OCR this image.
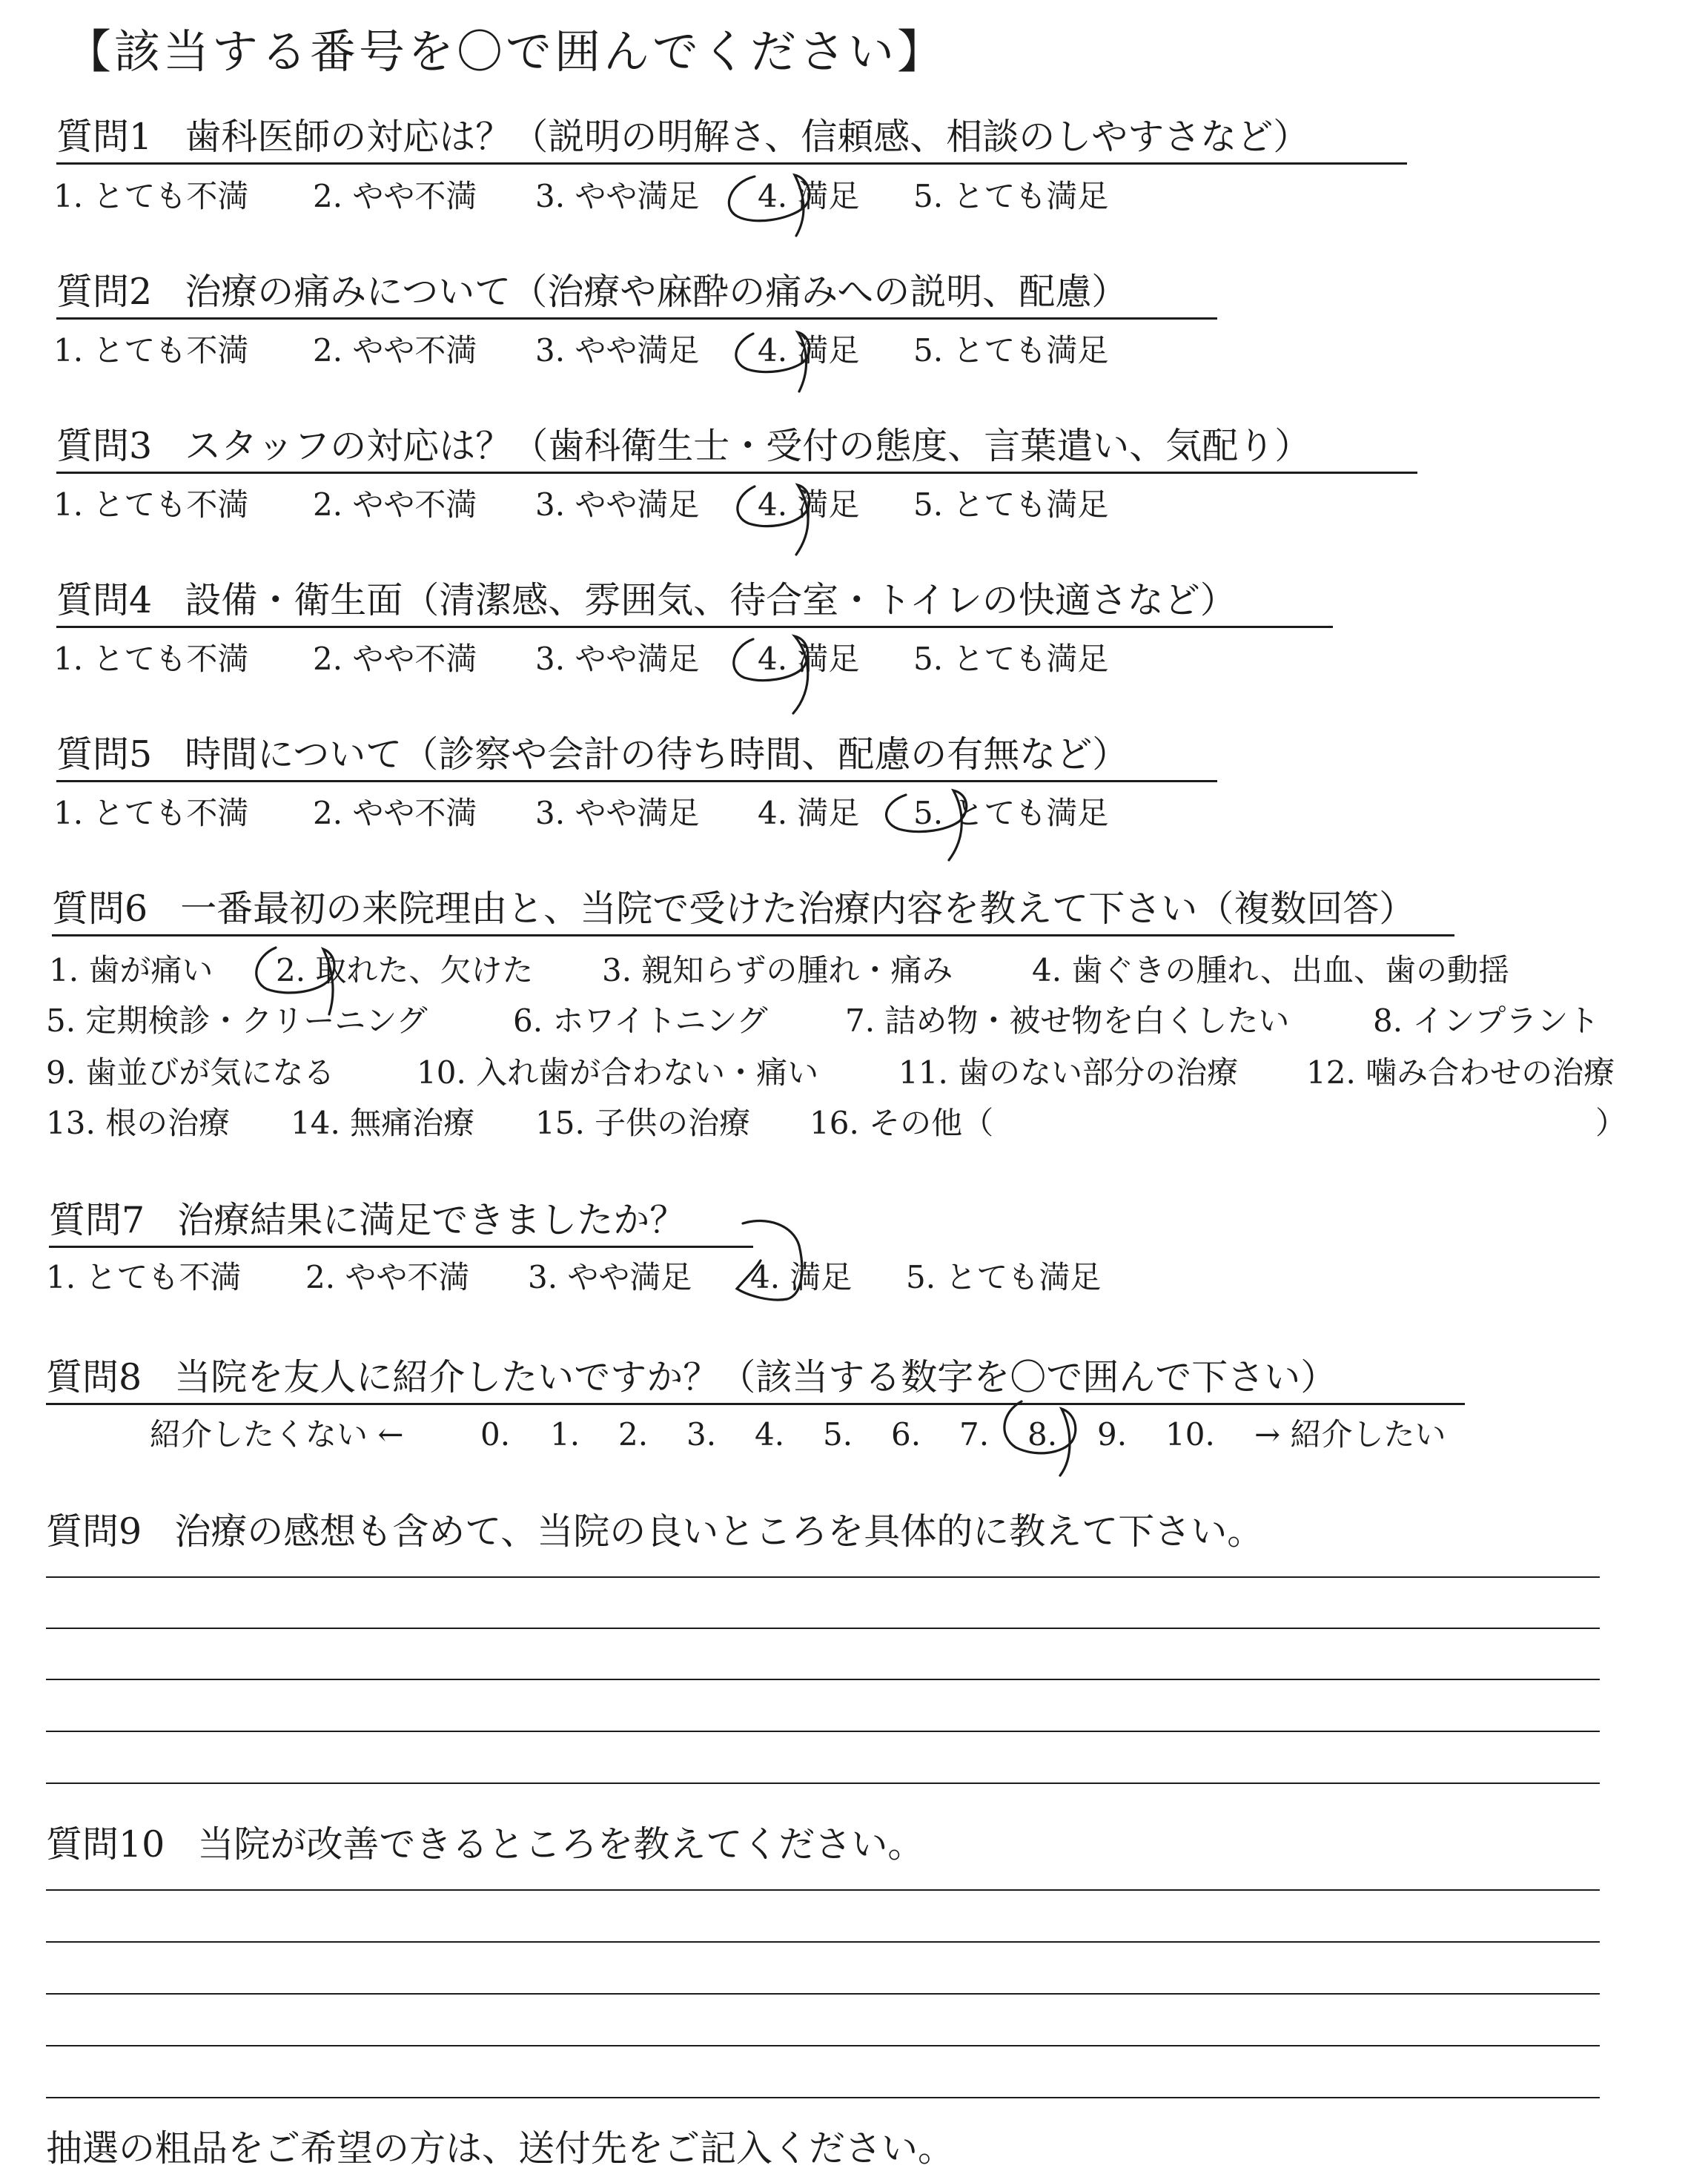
【該当する番号を〇で囲んでください】
質問1 歯科医師の対応は？（説明の明解さ、信頼感、相談のしやすさなど）
1. とても不満 2. やや不満 3. やや満足 4. 満足 5. とても満足
質問2 治療の痛みについて（治療や麻酔の痛みへの説明、配慮）
1. とても不満 2. やや不満 3. やや満足 4. 満足 5. とても満足
質問3 スタッフの対応は？（歯科衛生士・受付の態度、言葉遣い、気配り）
1. とても不満 2. やや不満 3. やや満足 4. 満足 5. とても満足
質問4 設備・衛生面（清潔感、雰囲気、待合室・トイレの快適さなど）
1. とても不満 2. やや不満 3. やや満足 4. 満足 5. とても満足
質問5 時間について（診察や会計の待ち時間、配慮の有無など）
1. とても不満 2. やや不満 3. やや満足 4. 満足 5. とても満足
質問6 一番最初の来院理由と、当院で受けた治療内容を教えて下さい（複数回答）
1. 歯が痛い 2. 取れた、欠けた 3. 親知らずの腫れ・痛み	4. 歯ぐきの腫れ、出血、歯の動揺
5. 定期検診・クリーニング	6. ホワイトニング 7. 詰め物・被せ物を白くしたい	8. インプラント
9. 歯並びが気になる	10. 入れ歯が合わない・痛い	11. 歯のない部分の治療 12. 噛み合わせの治療
13. 根の治療 14. 無痛治療 15. 子供の治療 16. その他（	）
質問7 治療結果に満足できましたか？
1. とても不満 2. やや不満 3. やや満足 4. 満足 5. とても満足
質問8 当院を友人に紹介したいですか？（該当する数字を〇で囲んで下さい）
紹介したくない ← 0. 1. 2. 3. 4. 5. 6. 7. 8. 9. 10. → 紹介したい
質問9 治療の感想も含めて、当院の良いところを具体的に教えて下さい。
質問10 当院が改善できるところを教えてください。
抽選の粗品をご希望の方は、送付先をご記入ください。
